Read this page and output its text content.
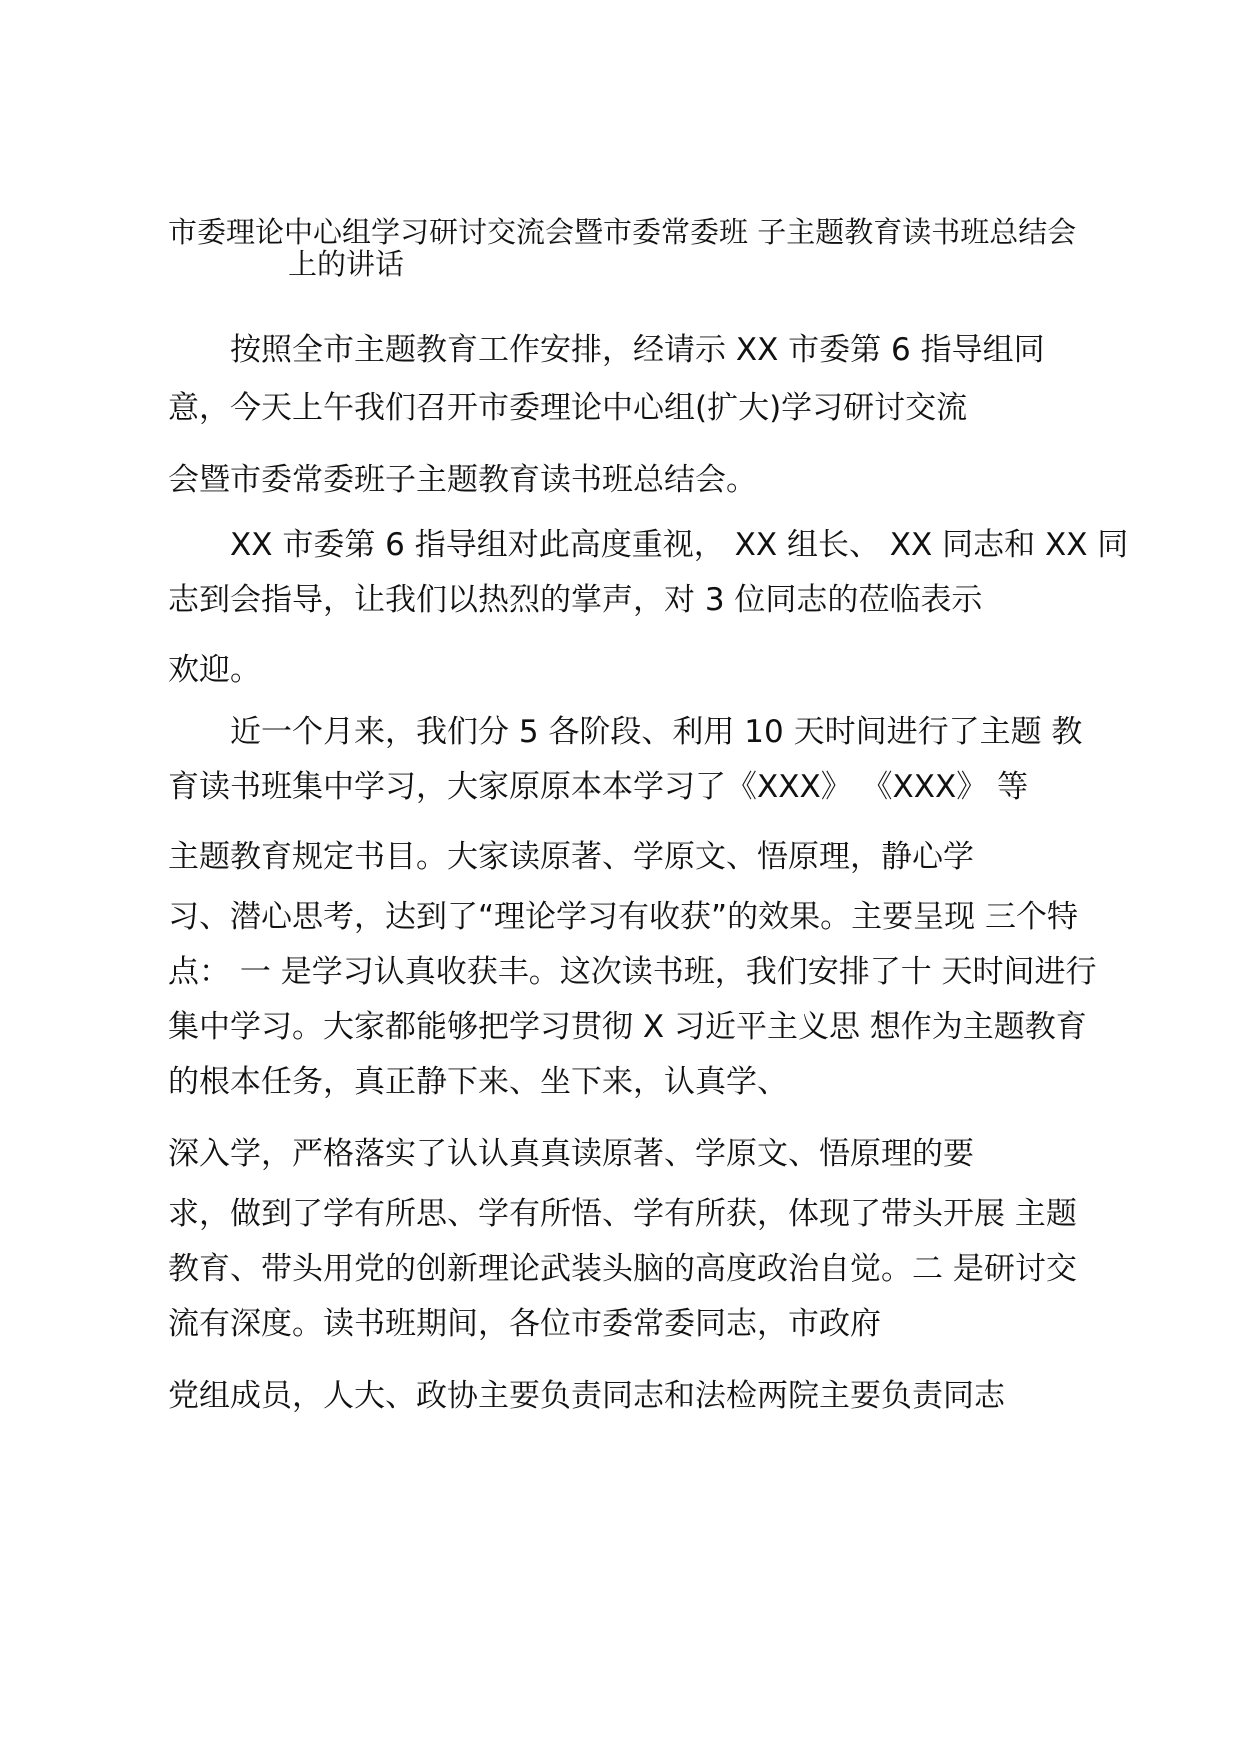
市委理论中心组学习研讨交流会暨市委常委班 子主题教育读书班总结会
上的讲话

按照全市主题教育工作安排，经请示 XX 市委第 6 指导组同

意，今天上午我们召开市委理论中心组(扩大)学习研讨交流

会暨市委常委班子主题教育读书班总结会。

XX 市委第 6 指导组对此高度重视， XX 组长、 XX 同志和 XX 同

志到会指导，让我们以热烈的掌声，对 3 位同志的莅临表示

欢迎。

近一个月来，我们分 5 各阶段、利用 10 天时间进行了主题 教

育读书班集中学习，大家原原本本学习了《XXX》 《XXX》 等

主题教育规定书目。大家读原著、学原文、悟原理，静心学

习、潜心思考，达到了“理论学习有收获”的效果。主要呈现 三个特

点： 一 是学习认真收获丰。这次读书班，我们安排了十 天时间进行

集中学习。大家都能够把学习贯彻 X 习近平主义思 想作为主题教育

的根本任务，真正静下来、坐下来，认真学、

深入学，严格落实了认认真真读原著、学原文、悟原理的要

求，做到了学有所思、学有所悟、学有所获，体现了带头开展 主题

教育、带头用党的创新理论武装头脑的高度政治自觉。二 是研讨交

流有深度。读书班期间，各位市委常委同志，市政府

党组成员，人大、政协主要负责同志和法检两院主要负责同志
